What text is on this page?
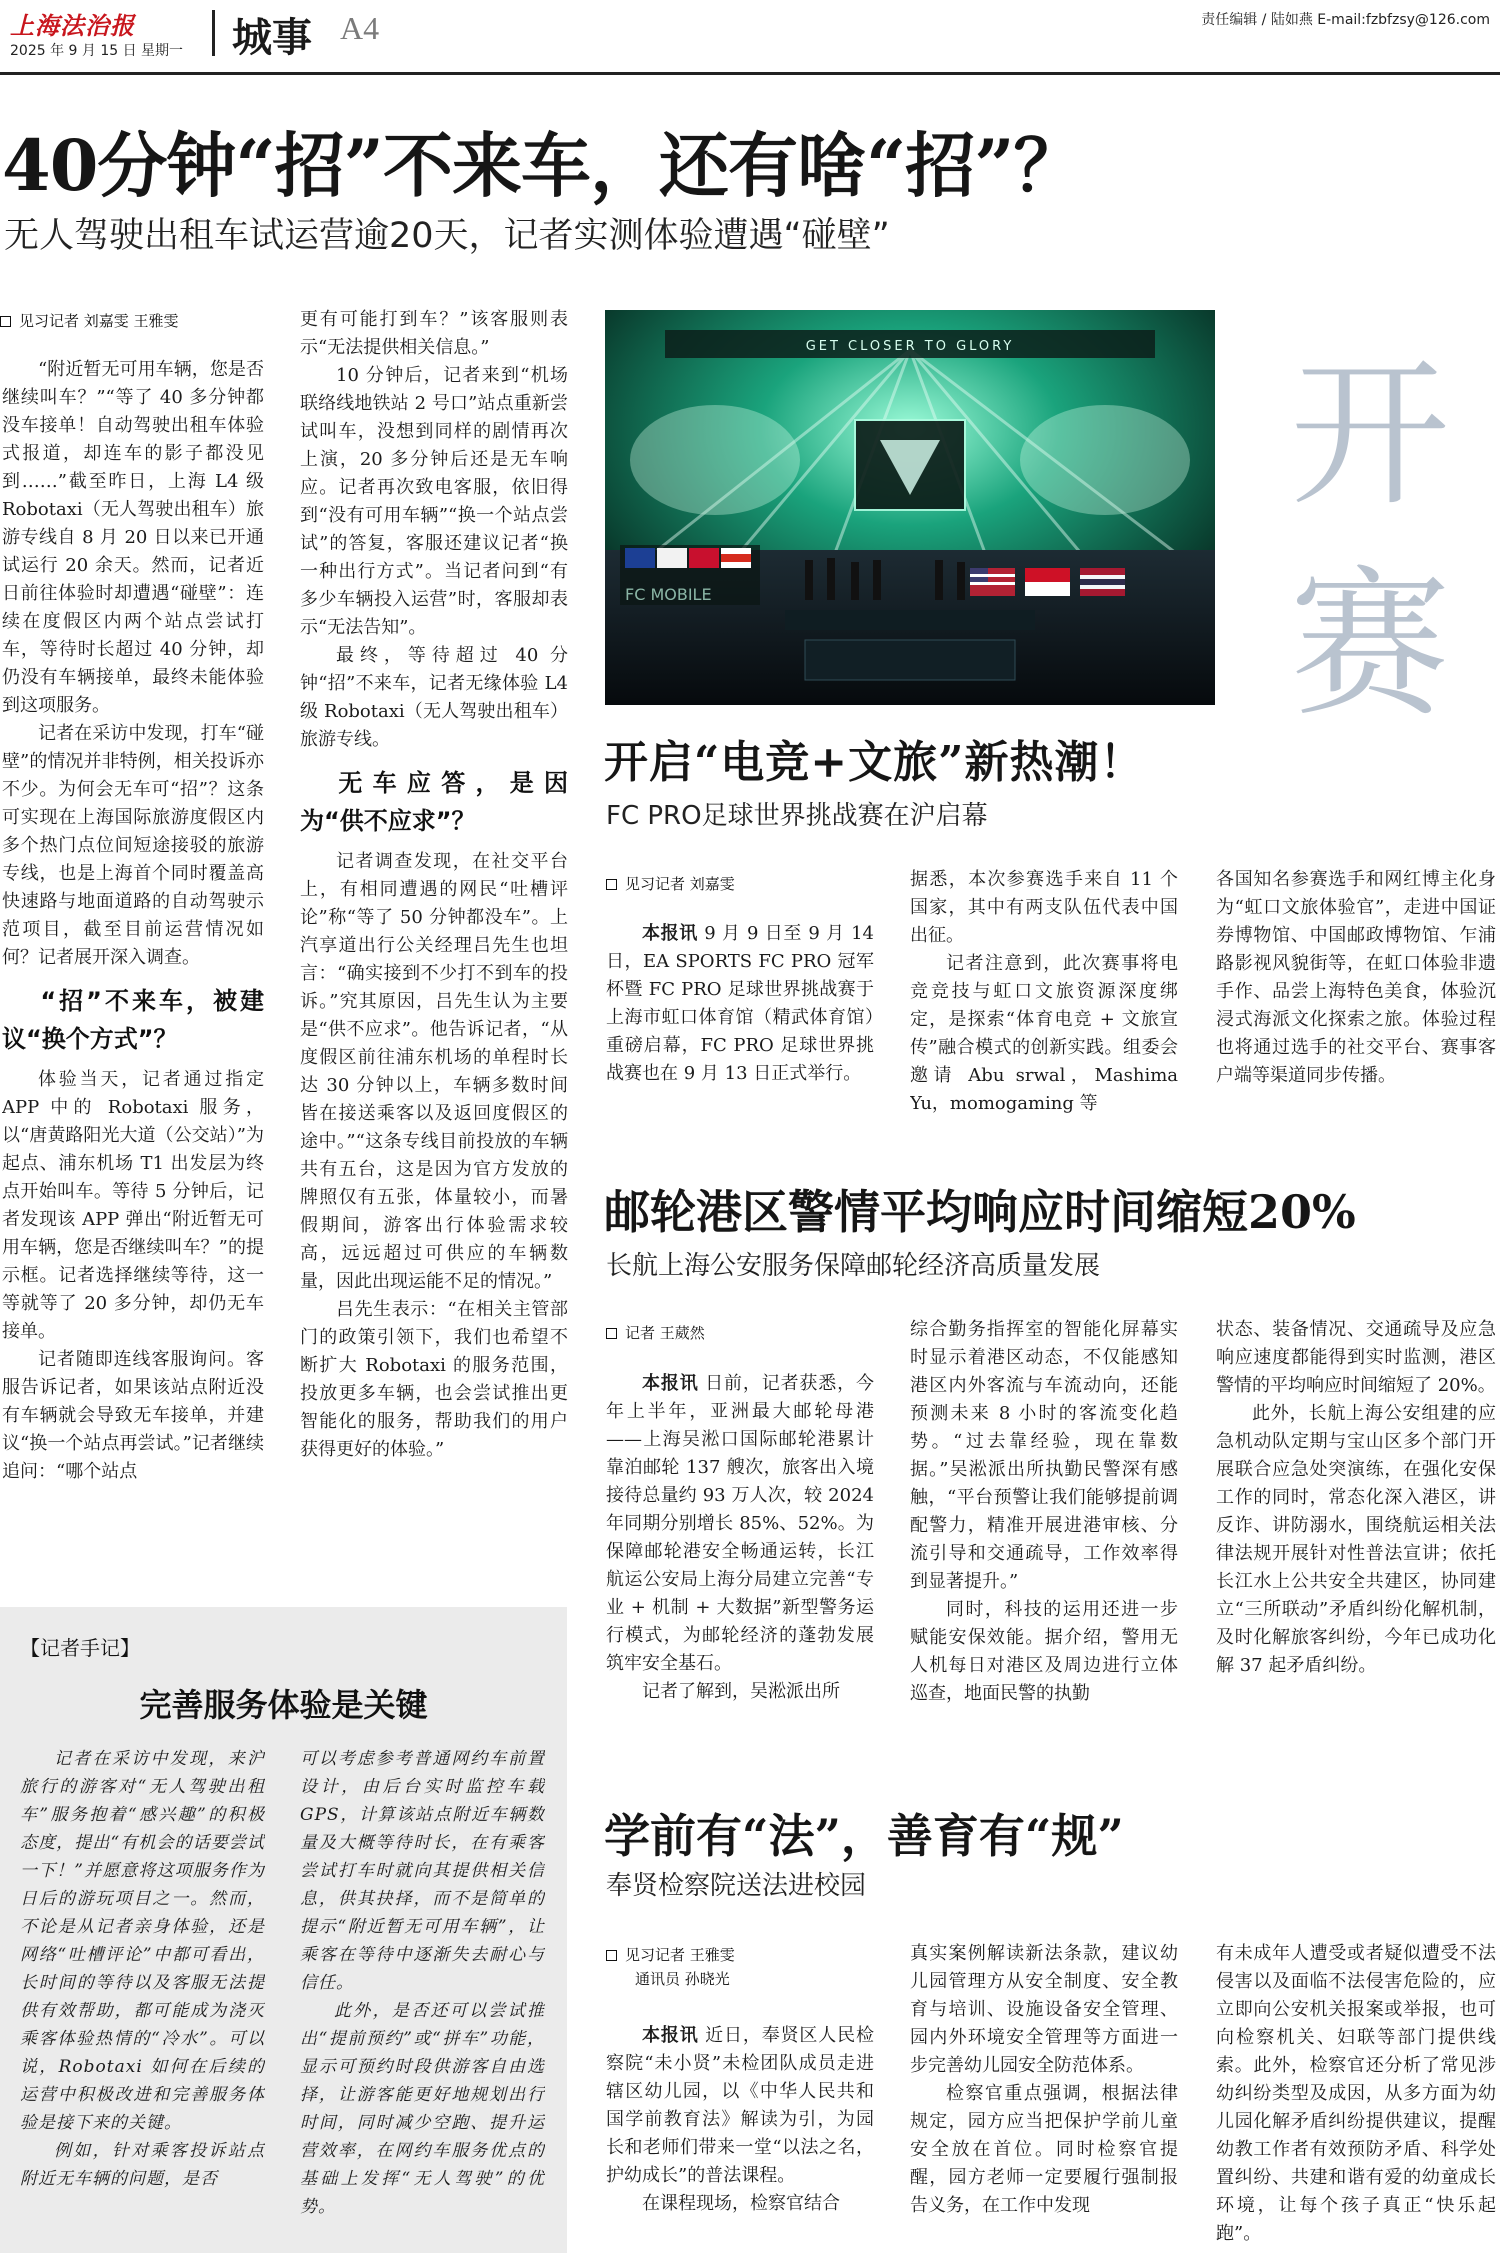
上海法治报
2025 年 9 月 15 日 星期一 城事 A4	责任编辑 / 陆如燕 E-mail:fzbfzsy@126.com
40分钟“招”不来车，还有啥“招”？
无人驾驶出租车试运营逾20天，记者实测体验遭遇“碰壁”
见习记者 刘嘉雯 王雅雯

“附近暂无可用车辆，您是否继续叫车？”“等了 40 多分钟都没车接单！自动驾驶出租车体验式报道，却连车的影子都没见到……”截至昨日，上海 L4 级 Robotaxi（无人驾驶出租车）旅游专线自 8 月 20 日以来已开通试运行 20 余天。然而，记者近日前往体验时却遭遇“碰壁”：连续在度假区内两个站点尝试打车，等待时长超过 40 分钟，却仍没有车辆接单，最终未能体验到这项服务。

记者在采访中发现，打车“碰壁”的情况并非特例，相关投诉亦不少。为何会无车可“招”？这条可实现在上海国际旅游度假区内多个热门点位间短途接驳的旅游专线，也是上海首个同时覆盖高快速路与地面道路的自动驾驶示范项目，截至目前运营情况如何？记者展开深入调查。

“招”不来车，被建议“换个方式”？

体验当天，记者通过指定 APP 中的 Robotaxi 服务，以“唐黄路阳光大道（公交站）”为起点、浦东机场 T1 出发层为终点开始叫车。等待 5 分钟后，记者发现该 APP 弹出“附近暂无可用车辆，您是否继续叫车？”的提示框。记者选择继续等待，这一等就等了 20 多分钟，却仍无车接单。

记者随即连线客服询问。客服告诉记者，如果该站点附近没有车辆就会导致无车接单，并建议“换一个站点再尝试。”记者继续追问：“哪个站点

更有可能打到车？”该客服则表示“无法提供相关信息。”

10 分钟后，记者来到“机场联络线地铁站 2 号口”站点重新尝试叫车，没想到同样的剧情再次上演，20 多分钟后还是无车响应。记者再次致电客服，依旧得到“没有可用车辆”“换一个站点尝试”的答复，客服还建议记者“换一种出行方式”。当记者问到“有多少车辆投入运营”时，客服却表示“无法告知”。

最终，等待超过 40 分钟“招”不来车，记者无缘体验 L4 级 Robotaxi（无人驾驶出租车）旅游专线。

无车应答，是因为“供不应求”？

记者调查发现，在社交平台上，有相同遭遇的网民“吐槽评论”称“等了 50 分钟都没车”。上汽享道出行公关经理吕先生也坦言：“确实接到不少打不到车的投诉。”究其原因，吕先生认为主要是“供不应求”。他告诉记者，“从度假区前往浦东机场的单程时长达 30 分钟以上，车辆多数时间皆在接送乘客以及返回度假区的途中。”“这条专线目前投放的车辆共有五台，这是因为官方发放的牌照仅有五张，体量较小，而暑假期间，游客出行体验需求较高，远远超过可供应的车辆数量，因此出现运能不足的情况。”

吕先生表示：“在相关主管部门的政策引领下，我们也希望不断扩大 Robotaxi 的服务范围，投放更多车辆，也会尝试推出更智能化的服务，帮助我们的用户获得更好的体验。”

【记者手记】
完善服务体验是关键

记者在采访中发现，来沪旅行的游客对“无人驾驶出租车”服务抱着“感兴趣”的积极态度，提出“有机会的话要尝试一下！”并愿意将这项服务作为日后的游玩项目之一。然而，不论是从记者亲身体验，还是网络“吐槽评论”中都可看出，长时间的等待以及客服无法提供有效帮助，都可能成为浇灭乘客体验热情的“冷水”。可以说，Robotaxi 如何在后续的运营中积极改进和完善服务体验是接下来的关键。

例如，针对乘客投诉站点附近无车辆的问题，是否

可以考虑参考普通网约车前置设计，由后台实时监控车载 GPS，计算该站点附近车辆数量及大概等待时长，在有乘客尝试打车时就向其提供相关信息，供其抉择，而不是简单的提示“附近暂无可用车辆”，让乘客在等待中逐渐失去耐心与信任。

此外，是否还可以尝试推出“提前预约”或“拼车”功能，显示可预约时段供游客自由选择，让游客能更好地规划出行时间，同时减少空跑、提升运营效率，在网约车服务优点的基础上发挥“无人驾驶”的优势。

GET CLOSER TO GLORY
FC MOBILE
开
赛
开启“电竞+文旅”新热潮！
FC PRO足球世界挑战赛在沪启幕
见习记者 刘嘉雯

本报讯 9 月 9 日至 9 月 14 日，EA SPORTS FC PRO 冠军杯暨 FC PRO 足球世界挑战赛于上海市虹口体育馆（精武体育馆）重磅启幕，FC PRO 足球世界挑战赛也在 9 月 13 日正式举行。

据悉，本次参赛选手来自 11 个国家，其中有两支队伍代表中国出征。

记者注意到，此次赛事将电竞竞技与虹口文旅资源深度绑定，是探索“体育电竞 + 文旅宣传”融合模式的创新实践。组委会邀请 Abu srwal，Mashima Yu，momogaming 等

各国知名参赛选手和网红博主化身为“虹口文旅体验官”，走进中国证券博物馆、中国邮政博物馆、乍浦路影视风貌街等，在虹口体验非遗手作、品尝上海特色美食，体验沉浸式海派文化探索之旅。体验过程也将通过选手的社交平台、赛事客户端等渠道同步传播。

邮轮港区警情平均响应时间缩短20%
长航上海公安服务保障邮轮经济高质量发展
记者 王葳然

本报讯 日前，记者获悉，今年上半年，亚洲最大邮轮母港——上海吴淞口国际邮轮港累计靠泊邮轮 137 艘次，旅客出入境接待总量约 93 万人次，较 2024 年同期分别增长 85%、52%。为保障邮轮港安全畅通运转，长江航运公安局上海分局建立完善“专业 + 机制 + 大数据”新型警务运行模式，为邮轮经济的蓬勃发展筑牢安全基石。

记者了解到，吴淞派出所

综合勤务指挥室的智能化屏幕实时显示着港区动态，不仅能感知港区内外客流与车流动向，还能预测未来 8 小时的客流变化趋势。“过去靠经验，现在靠数据。”吴淞派出所执勤民警深有感触，“平台预警让我们能够提前调配警力，精准开展进港审核、分流引导和交通疏导，工作效率得到显著提升。”

同时，科技的运用还进一步赋能安保效能。据介绍，警用无人机每日对港区及周边进行立体巡查，地面民警的执勤

状态、装备情况、交通疏导及应急响应速度都能得到实时监测，港区警情的平均响应时间缩短了 20%。

此外，长航上海公安组建的应急机动队定期与宝山区多个部门开展联合应急处突演练，在强化安保工作的同时，常态化深入港区，讲反诈、讲防溺水，围绕航运相关法律法规开展针对性普法宣讲；依托长江水上公共安全共建区，协同建立“三所联动”矛盾纠纷化解机制，及时化解旅客纠纷，今年已成功化解 37 起矛盾纠纷。

学前有“法”，善育有“规”
奉贤检察院送法进校园
见习记者 王雅雯
通讯员 孙晓光

本报讯 近日，奉贤区人民检察院“未小贤”未检团队成员走进辖区幼儿园，以《中华人民共和国学前教育法》解读为引，为园长和老师们带来一堂“以法之名，护幼成长”的普法课程。

在课程现场，检察官结合

真实案例解读新法条款，建议幼儿园管理方从安全制度、安全教育与培训、设施设备安全管理、园内外环境安全管理等方面进一步完善幼儿园安全防范体系。

检察官重点强调，根据法律规定，园方应当把保护学前儿童安全放在首位。同时检察官提醒，园方老师一定要履行强制报告义务，在工作中发现

有未成年人遭受或者疑似遭受不法侵害以及面临不法侵害危险的，应立即向公安机关报案或举报，也可向检察机关、妇联等部门提供线索。此外，检察官还分析了常见涉幼纠纷类型及成因，从多方面为幼儿园化解矛盾纠纷提供建议，提醒幼教工作者有效预防矛盾、科学处置纠纷、共建和谐有爱的幼童成长环境，让每个孩子真正“快乐起跑”。
